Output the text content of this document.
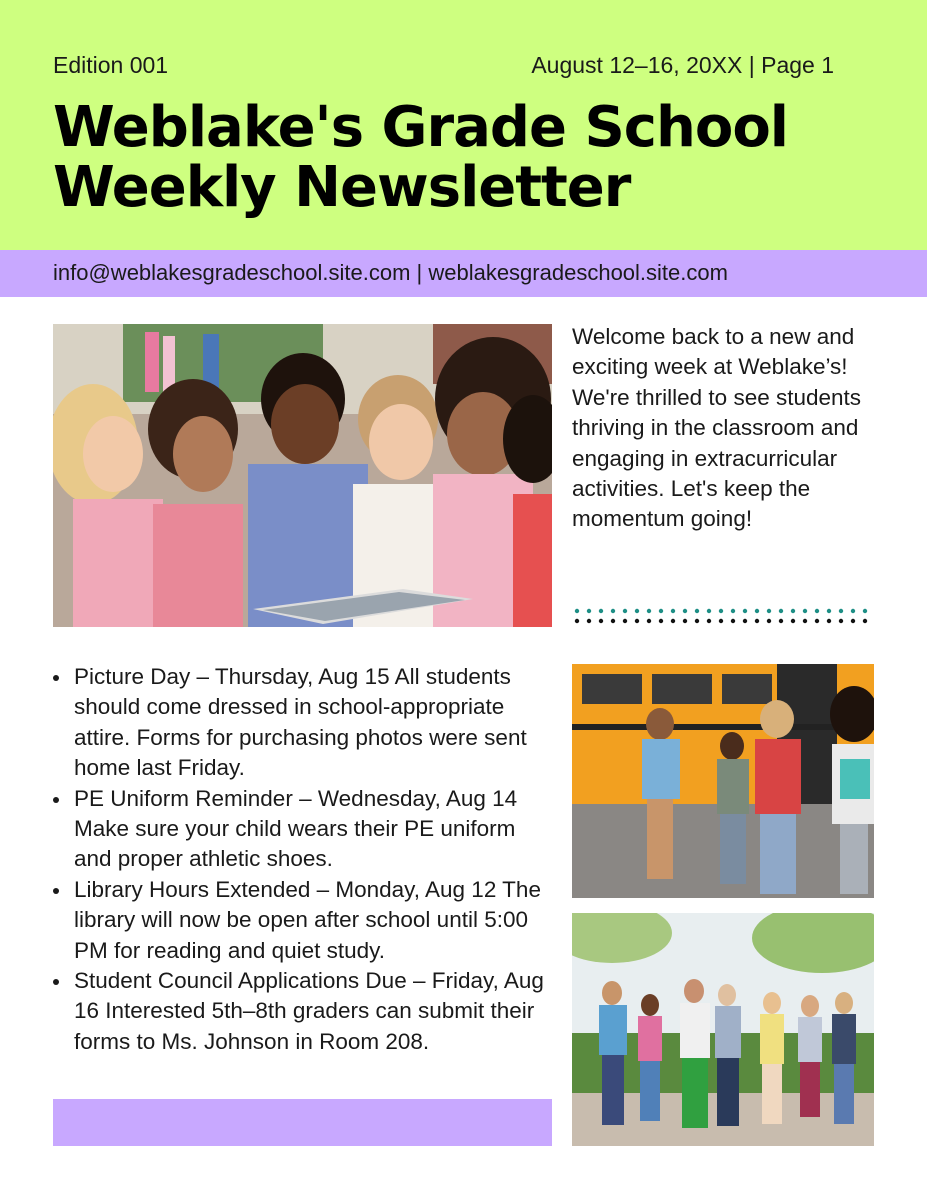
Edition 001	August 12–16, 20XX | Page 1
Weblake's Grade School
Weekly Newsletter
info@weblakesgradeschool.site.com | weblakesgradeschool.site.com
Welcome back to a new and exciting week at Weblake’s! We're thrilled to see students thriving in the classroom and engaging in extracurricular activities. Let's keep the momentum going!
Picture Day – Thursday, Aug 15 All students should come dressed in school-appropriate attire. Forms for purchasing photos were sent home last Friday.
PE Uniform Reminder – Wednesday, Aug 14 Make sure your child wears their PE uniform and proper athletic shoes.
Library Hours Extended – Monday, Aug 12 The library will now be open after school until 5:00 PM for reading and quiet study.
Student Council Applications Due – Friday, Aug 16 Interested 5th–8th graders can submit their forms to Ms. Johnson in Room 208.
